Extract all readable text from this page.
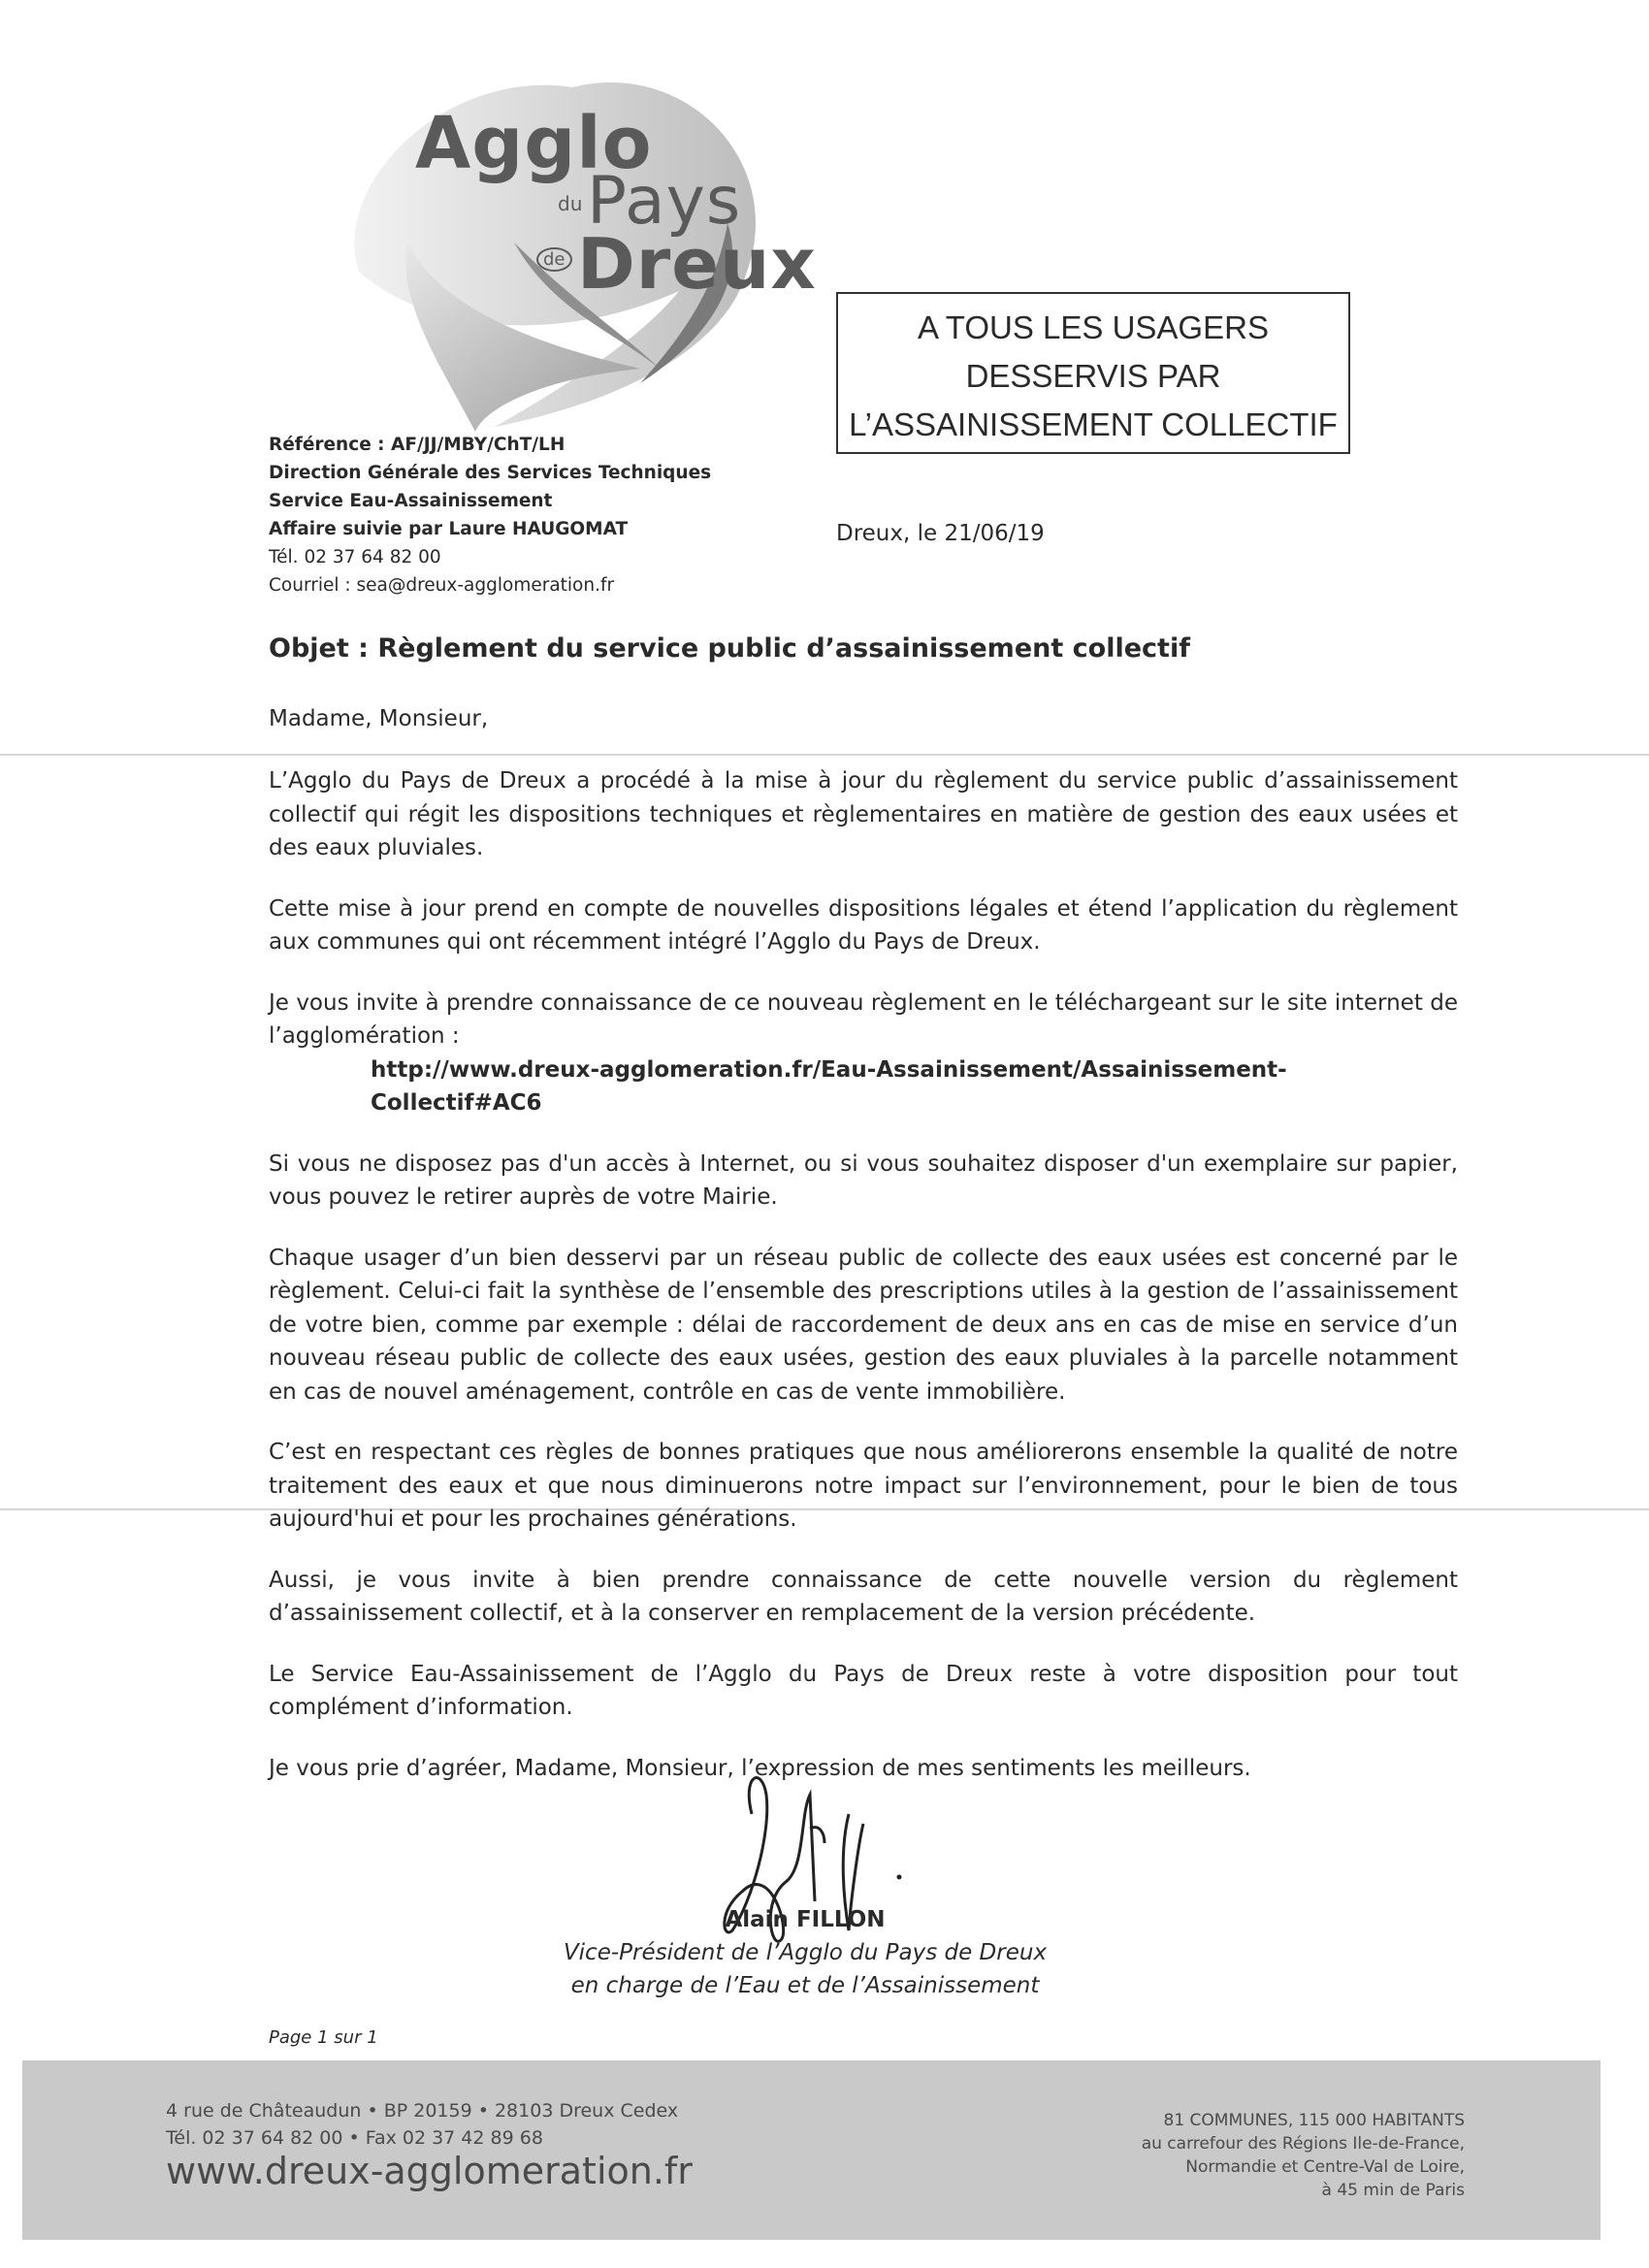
Agglo
du Pays
de Dreux
Référence : AF/JJ/MBY/ChT/LH
Direction Générale des Services Techniques
Service Eau-Assainissement
Affaire suivie par Laure HAUGOMAT
Tél. 02 37 64 82 00
Courriel : sea@dreux-agglomeration.fr
A TOUS LES USAGERS
DESSERVIS PAR
L’ASSAINISSEMENT COLLECTIF
Dreux, le 21/06/19
Objet : Règlement du service public d’assainissement collectif
Madame, Monsieur,

L’Agglo du Pays de Dreux a procédé à la mise à jour du règlement du service public d’assainissement collectif qui régit les dispositions techniques et règlementaires en matière de gestion des eaux usées et des eaux pluviales.

Cette mise à jour prend en compte de nouvelles dispositions légales et étend l’application du règlement aux communes qui ont récemment intégré l’Agglo du Pays de Dreux.

Je vous invite à prendre connaissance de ce nouveau règlement en le téléchargeant sur le site internet de l’agglomération :

http://www.dreux-agglomeration.fr/Eau-Assainissement/Assainissement-Collectif#AC6

Si vous ne disposez pas d'un accès à Internet, ou si vous souhaitez disposer d'un exemplaire sur papier, vous pouvez le retirer auprès de votre Mairie.

Chaque usager d’un bien desservi par un réseau public de collecte des eaux usées est concerné par le règlement. Celui-ci fait la synthèse de l’ensemble des prescriptions utiles à la gestion de l’assainissement de votre bien, comme par exemple : délai de raccordement de deux ans en cas de mise en service d’un nouveau réseau public de collecte des eaux usées, gestion des eaux pluviales à la parcelle notamment en cas de nouvel aménagement, contrôle en cas de vente immobilière.

C’est en respectant ces règles de bonnes pratiques que nous améliorerons ensemble la qualité de notre traitement des eaux et que nous diminuerons notre impact sur l’environnement, pour le bien de tous aujourd'hui et pour les prochaines générations.

Aussi, je vous invite à bien prendre connaissance de cette nouvelle version du règlement d’assainissement collectif, et à la conserver en remplacement de la version précédente.

Le Service Eau-Assainissement de l’Agglo du Pays de Dreux reste à votre disposition pour tout complément d’information.

Je vous prie d’agréer, Madame, Monsieur, l’expression de mes sentiments les meilleurs.

Alain FILLON
Vice-Président de l’Agglo du Pays de Dreux
en charge de l’Eau et de l’Assainissement
Page 1 sur 1
4 rue de Châteaudun • BP 20159 • 28103 Dreux Cedex
Tél. 02 37 64 82 00 • Fax 02 37 42 89 68
www.dreux-agglomeration.fr
81 COMMUNES, 115 000 HABITANTS
au carrefour des Régions Ile-de-France,
Normandie et Centre-Val de Loire,
à 45 min de Paris
